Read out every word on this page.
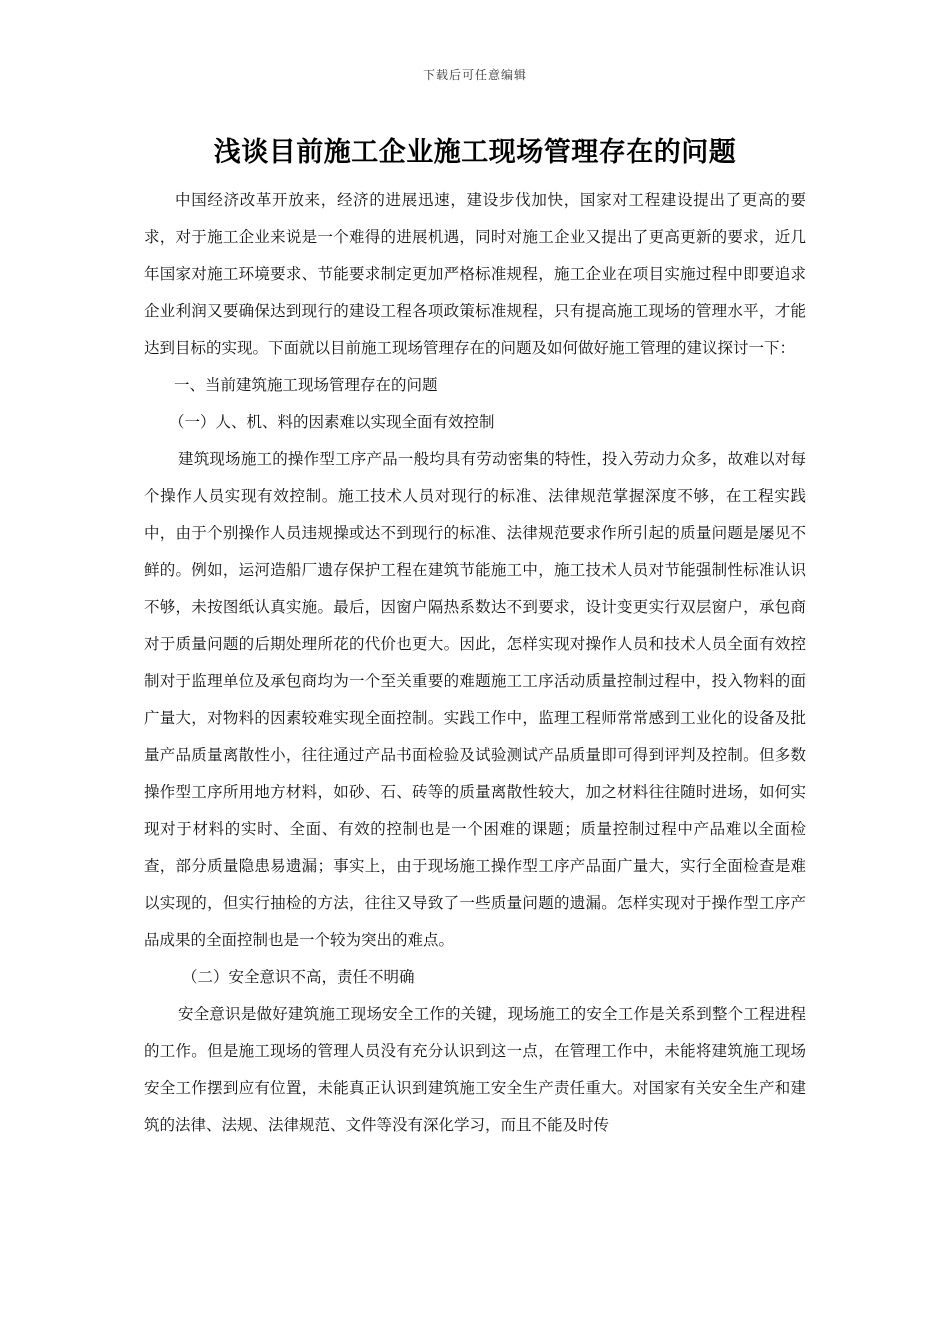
下载后可任意编辑
浅谈目前施工企业施工现场管理存在的问题

中国经济改革开放来，经济的进展迅速，建设步伐加快，国家对工程建设提出了更高的要求，对于施工企业来说是一个难得的进展机遇，同时对施工企业又提出了更高更新的要求，近几年国家对施工环境要求、节能要求制定更加严格标准规程，施工企业在项目实施过程中即要追求企业利润又要确保达到现行的建设工程各项政策标准规程，只有提高施工现场的管理水平，才能达到目标的实现。下面就以目前施工现场管理存在的问题及如何做好施工管理的建议探讨一下：

一、当前建筑施工现场管理存在的问题

（一）人、机、料的因素难以实现全面有效控制

建筑现场施工的操作型工序产品一般均具有劳动密集的特性，投入劳动力众多，故难以对每个操作人员实现有效控制。施工技术人员对现行的标准、法律规范掌握深度不够，在工程实践中，由于个别操作人员违规操或达不到现行的标准、法律规范要求作所引起的质量问题是屡见不鲜的。例如，运河造船厂遗存保护工程在建筑节能施工中，施工技术人员对节能强制性标准认识不够，未按图纸认真实施。最后，因窗户隔热系数达不到要求，设计变更实行双层窗户，承包商对于质量问题的后期处理所花的代价也更大。因此，怎样实现对操作人员和技术人员全面有效控制对于监理单位及承包商均为一个至关重要的难题施工工序活动质量控制过程中，投入物料的面广量大，对物料的因素较难实现全面控制。实践工作中，监理工程师常常感到工业化的设备及批量产品质量离散性小，往往通过产品书面检验及试验测试产品质量即可得到评判及控制。但多数操作型工序所用地方材料，如砂、石、砖等的质量离散性较大，加之材料往往随时进场，如何实现对于材料的实时、全面、有效的控制也是一个困难的课题；质量控制过程中产品难以全面检查，部分质量隐患易遗漏；事实上，由于现场施工操作型工序产品面广量大，实行全面检查是难以实现的，但实行抽检的方法，往往又导致了一些质量问题的遗漏。怎样实现对于操作型工序产品成果的全面控制也是一个较为突出的难点。

（二）安全意识不高，责任不明确

安全意识是做好建筑施工现场安全工作的关键，现场施工的安全工作是关系到整个工程进程的工作。但是施工现场的管理人员没有充分认识到这一点，在管理工作中，未能将建筑施工现场安全工作摆到应有位置，未能真正认识到建筑施工安全生产责任重大。对国家有关安全生产和建筑的法律、法规、法律规范、文件等没有深化学习，而且不能及时传
